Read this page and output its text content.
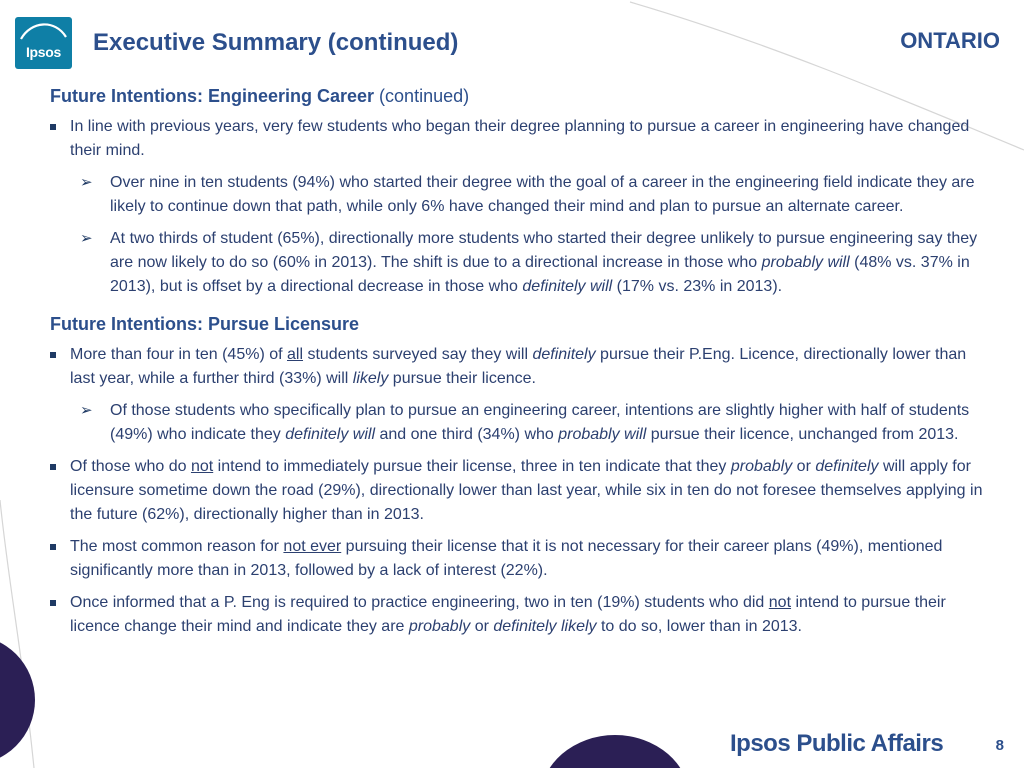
Ipsos	Executive Summary (continued)	ONTARIO
Future Intentions: Engineering Career (continued)
In line with previous years, very few students who began their degree planning to pursue a career in engineering have changed their mind.
➢ Over nine in ten students (94%) who started their degree with the goal of a career in the engineering field indicate they are likely to continue down that path, while only 6% have changed their mind and plan to pursue an alternate career.
➢ At two thirds of student (65%), directionally more students who started their degree unlikely to pursue engineering say they are now likely to do so (60% in 2013). The shift is due to a directional increase in those who probably will (48% vs. 37% in 2013), but is offset by a directional decrease in those who definitely will (17% vs. 23% in 2013).
Future Intentions: Pursue Licensure
More than four in ten (45%) of all students surveyed say they will definitely pursue their P.Eng. Licence, directionally lower than last year, while a further third (33%) will likely pursue their licence.
➢ Of those students who specifically plan to pursue an engineering career, intentions are slightly higher with half of students (49%) who indicate they definitely will and one third (34%) who probably will pursue their licence, unchanged from 2013.
Of those who do not intend to immediately pursue their license, three in ten indicate that they probably or definitely will apply for licensure sometime down the road (29%), directionally lower than last year, while six in ten do not foresee themselves applying in the future (62%), directionally higher than in 2013.
The most common reason for not ever pursuing their license that it is not necessary for their career plans (49%), mentioned significantly more than in 2013, followed by a lack of interest (22%).
Once informed that a P. Eng is required to practice engineering, two in ten (19%) students who did not intend to pursue their licence change their mind and indicate they are probably or definitely likely to do so, lower than in 2013.
Ipsos Public Affairs	8
